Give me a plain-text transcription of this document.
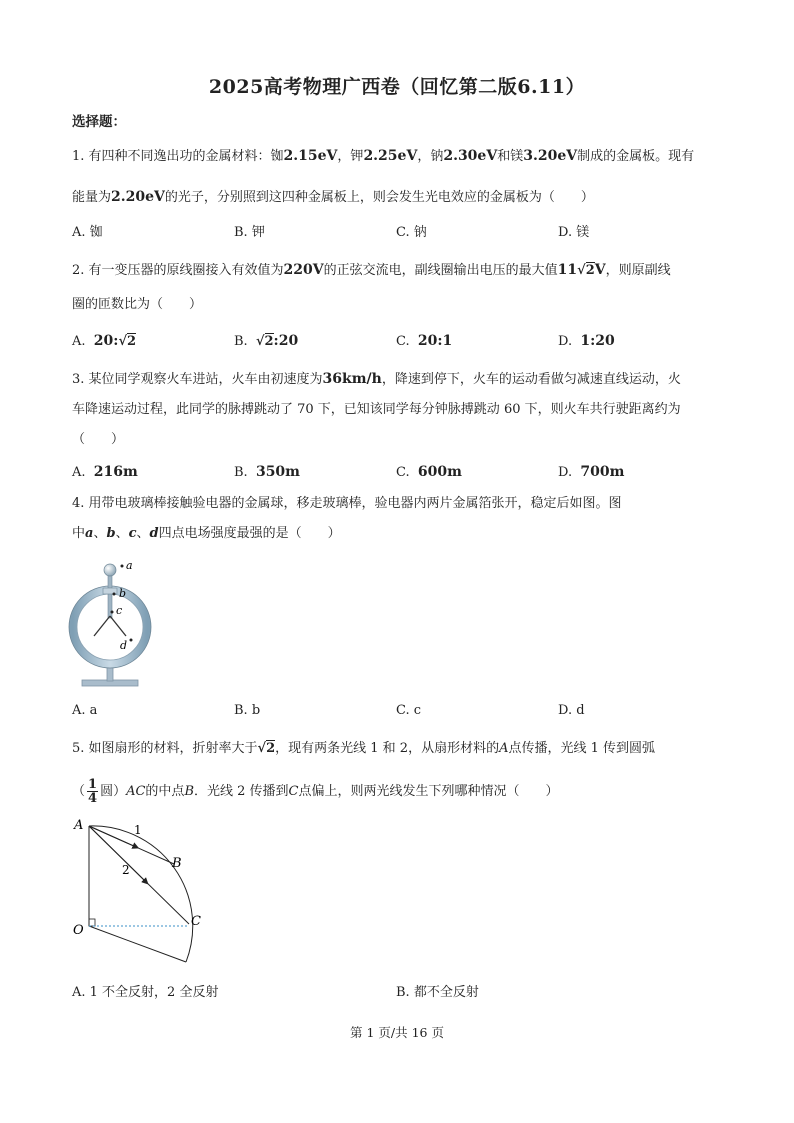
2025高考物理广西卷（回忆第二版6.11）
选择题：
1. 有四种不同逸出功的金属材料：铷2.15eV，钾2.25eV，钠2.30eV和镁3.20eV制成的金属板。现有
能量为2.20eV的光子，分别照到这四种金属板上，则会发生光电效应的金属板为（　　）
A. 铷	B. 钾	C. 钠	D. 镁
2. 有一变压器的原线圈接入有效值为220V的正弦交流电，副线圈输出电压的最大值11√2V，则原副线
圈的匝数比为（　　）
A. 20:√2	B. √2:20	C. 20:1	D. 1:20
3. 某位同学观察火车进站，火车由初速度为36km/h，降速到停下，火车的运动看做匀减速直线运动，火
车降速运动过程，此同学的脉搏跳动了 70 下，已知该同学每分钟脉搏跳动 60 下，则火车共行驶距离约为
（　　）
A. 216m	B. 350m	C. 600m	D. 700m
4. 用带电玻璃棒接触验电器的金属球，移走玻璃棒，验电器内两片金属箔张开，稳定后如图。图
中a、b、c、d四点电场强度最强的是（　　）
a
b
c
d
A. a	B. b	C. c	D. d
5. 如图扇形的材料，折射率大于√2，现有两条光线 1 和 2，从扇形材料的A点传播，光线 1 传到圆弧
（ $\frac{1}{4}$ 圆）AC的中点B．光线 2 传播到C点偏上，则两光线发生下列哪种情况（　　）
A
B
C
O
1
2
A. 1 不全反射，2 全反射	B. 都不全反射
第 1 页/共 16 页
